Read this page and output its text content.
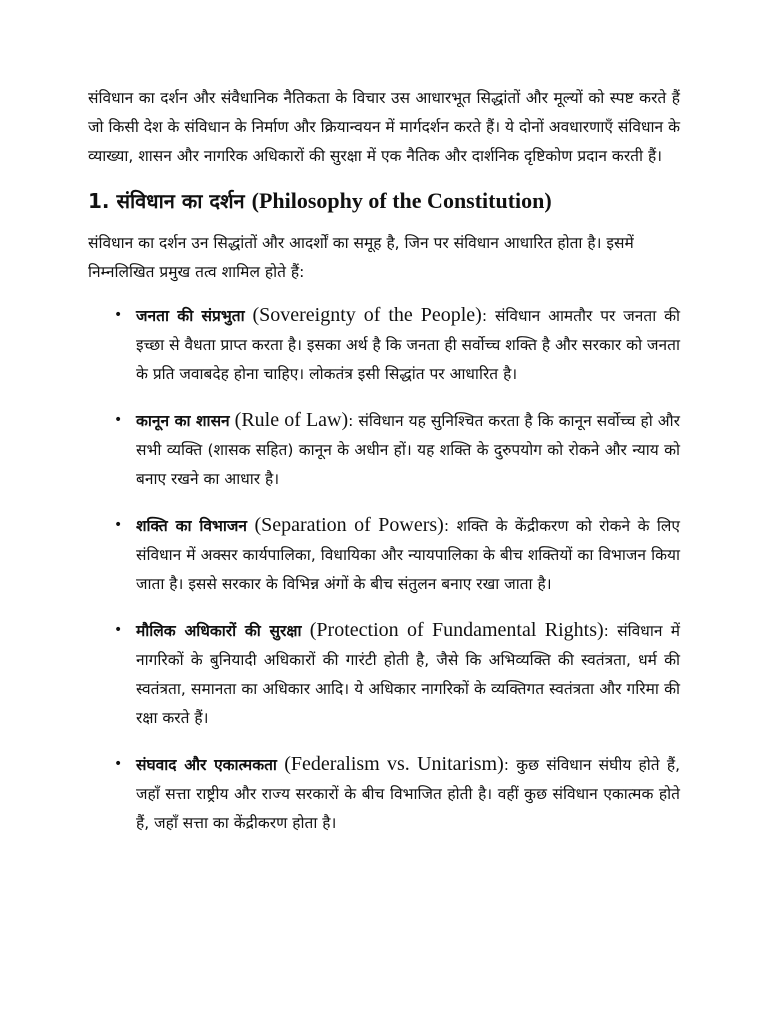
संविधान का दर्शन और संवैधानिक नैतिकता के विचार उस आधारभूत सिद्धांतों और मूल्यों को स्पष्ट करते हैं जो किसी देश के संविधान के निर्माण और क्रियान्वयन में मार्गदर्शन करते हैं। ये दोनों अवधारणाएँ संविधान के व्याख्या, शासन और नागरिक अधिकारों की सुरक्षा में एक नैतिक और दार्शनिक दृष्टिकोण प्रदान करती हैं।

1. संविधान का दर्शन (Philosophy of the Constitution)

संविधान का दर्शन उन सिद्धांतों और आदर्शों का समूह है, जिन पर संविधान आधारित होता है। इसमें निम्नलिखित प्रमुख तत्व शामिल होते हैं:

• जनता की संप्रभुता (Sovereignty of the People): संविधान आमतौर पर जनता की इच्छा से वैधता प्राप्त करता है। इसका अर्थ है कि जनता ही सर्वोच्च शक्ति है और सरकार को जनता के प्रति जवाबदेह होना चाहिए। लोकतंत्र इसी सिद्धांत पर आधारित है।
• कानून का शासन (Rule of Law): संविधान यह सुनिश्चित करता है कि कानून सर्वोच्च हो और सभी व्यक्ति (शासक सहित) कानून के अधीन हों। यह शक्ति के दुरुपयोग को रोकने और न्याय को बनाए रखने का आधार है।
• शक्ति का विभाजन (Separation of Powers): शक्ति के केंद्रीकरण को रोकने के लिए संविधान में अक्सर कार्यपालिका, विधायिका और न्यायपालिका के बीच शक्तियों का विभाजन किया जाता है। इससे सरकार के विभिन्न अंगों के बीच संतुलन बनाए रखा जाता है।
• मौलिक अधिकारों की सुरक्षा (Protection of Fundamental Rights): संविधान में नागरिकों के बुनियादी अधिकारों की गारंटी होती है, जैसे कि अभिव्यक्ति की स्वतंत्रता, धर्म की स्वतंत्रता, समानता का अधिकार आदि। ये अधिकार नागरिकों के व्यक्तिगत स्वतंत्रता और गरिमा की रक्षा करते हैं।
• संघवाद और एकात्मकता (Federalism vs. Unitarism): कुछ संविधान संघीय होते हैं, जहाँ सत्ता राष्ट्रीय और राज्य सरकारों के बीच विभाजित होती है। वहीं कुछ संविधान एकात्मक होते हैं, जहाँ सत्ता का केंद्रीकरण होता है।
